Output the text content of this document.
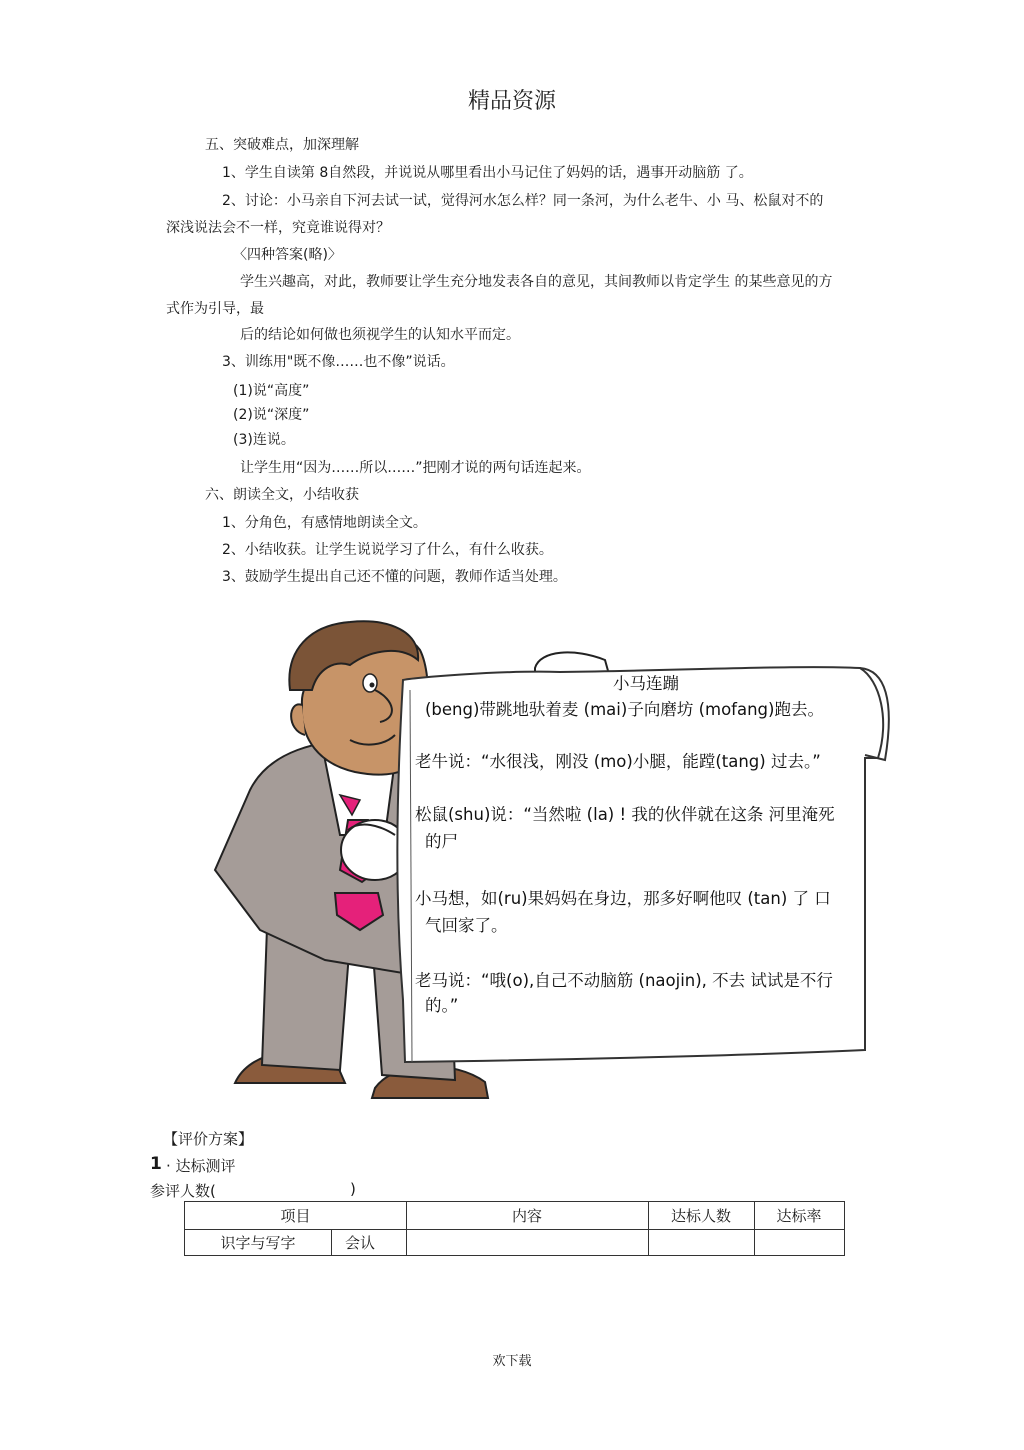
精品资源
五、突破难点，加深理解
1、学生自读第 8自然段，并说说从哪里看出小马记住了妈妈的话，遇事开动脑筋 了。
2、讨论：小马亲自下河去试一试，觉得河水怎么样？同一条河，为什么老牛、小 马、松鼠对不的
深浅说法会不一样，究竟谁说得对？
〈四种答案(略)〉
学生兴趣高，对此，教师要让学生充分地发表各自的意见，其间教师以肯定学生 的某些意见的方
式作为引导，最
后的结论如何做也须视学生的认知水平而定。
3、训练用"既不像……也不像”说话。
(1)说“高度”
(2)说“深度”
(3)连说。
让学生用“因为……所以……”把刚才说的两句话连起来。
六、朗读全文，小结收获
1、分角色，有感情地朗读全文。
2、小结收获。让学生说说学习了什么，有什么收获。
3、鼓励学生提出自己还不懂的问题，教师作适当处理。
小马连蹦
(beng)带跳地驮着麦 (mai)子向磨坊 (mofang)跑去。
老牛说：“水很浅，刚没 (mo)小腿，能蹚(tang) 过去。”
松鼠(shu)说：“当然啦 (la) ! 我的伙伴就在这条 河里淹死
的尸
小马想，如(ru)果妈妈在身边，那多好啊他叹 (tan) 了 口
气回家了。
老马说：“哦(o),自己不动脑筋 (naojin), 不去 试试是不行
的。”
【评价方案】
1 · 达标测评
参评人数(	)
项目	内容	达标人数	达标率
识字与写字	会认
欢下载
